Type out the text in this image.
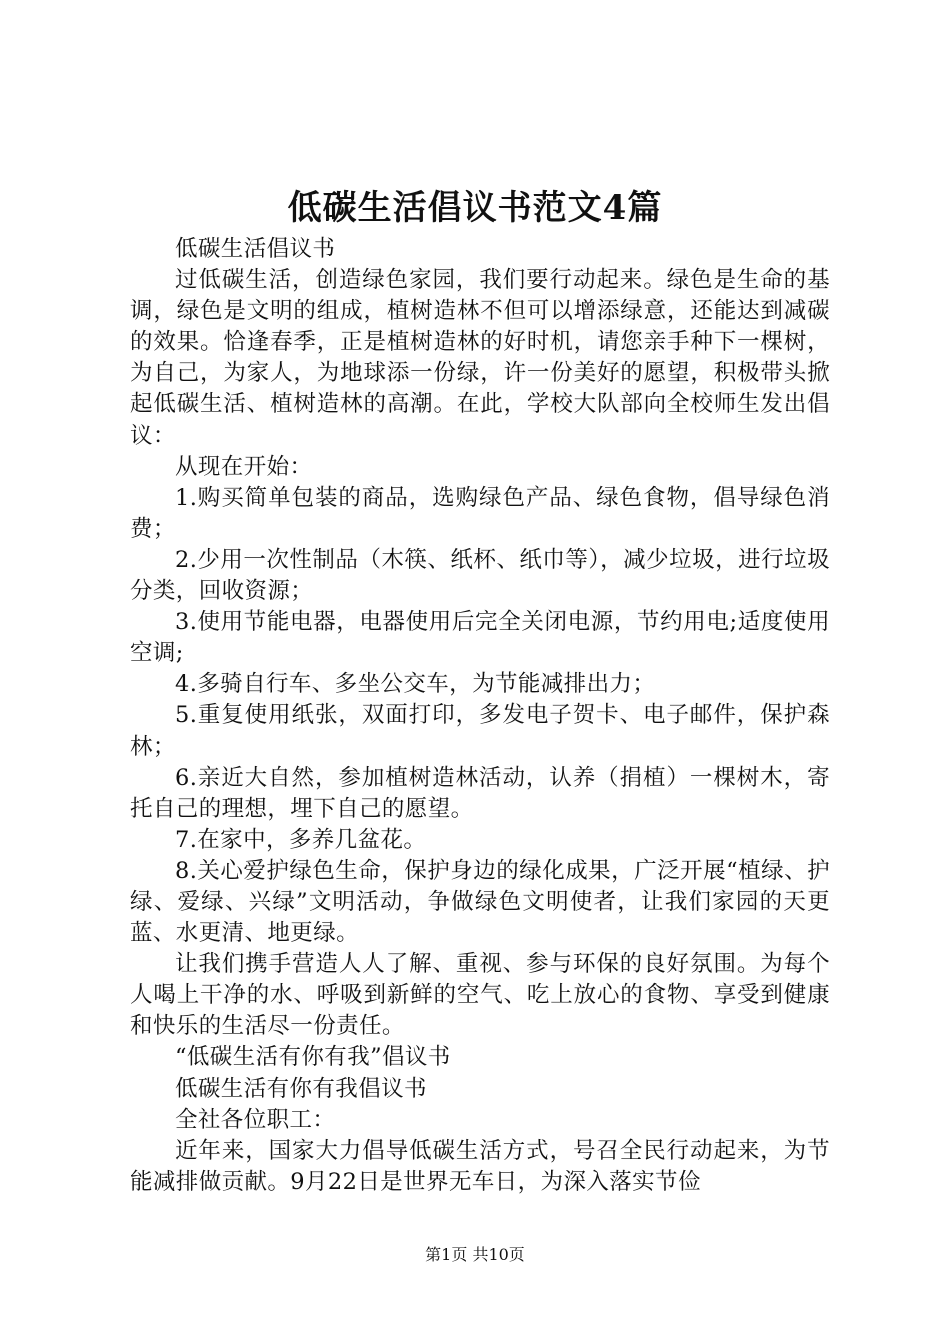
低碳生活倡议书范文4篇

低碳生活倡议书

过低碳生活，创造绿色家园，我们要行动起来。绿色是生命的基调，绿色是文明的组成，植树造林不但可以增添绿意，还能达到减碳的效果。恰逢春季，正是植树造林的好时机，请您亲手种下一棵树，为自己，为家人，为地球添一份绿，许一份美好的愿望，积极带头掀起低碳生活、植树造林的高潮。在此，学校大队部向全校师生发出倡议：

从现在开始：

1.购买简单包装的商品，选购绿色产品、绿色食物，倡导绿色消费；

2.少用一次性制品（木筷、纸杯、纸巾等），减少垃圾，进行垃圾分类，回收资源；

3.使用节能电器，电器使用后完全关闭电源，节约用电;适度使用空调;

4.多骑自行车、多坐公交车，为节能减排出力；

5.重复使用纸张，双面打印，多发电子贺卡、电子邮件，保护森林；

6.亲近大自然，参加植树造林活动，认养（捐植）一棵树木，寄托自己的理想，埋下自己的愿望。

7.在家中，多养几盆花。

8.关心爱护绿色生命，保护身边的绿化成果，广泛开展“植绿、护绿、爱绿、兴绿”文明活动，争做绿色文明使者，让我们家园的天更蓝、水更清、地更绿。

让我们携手营造人人了解、重视、参与环保的良好氛围。为每个人喝上干净的水、呼吸到新鲜的空气、吃上放心的食物、享受到健康和快乐的生活尽一份责任。

“低碳生活有你有我”倡议书

低碳生活有你有我倡议书

全社各位职工：

近年来，国家大力倡导低碳生活方式，号召全民行动起来，为节能减排做贡献。9月22日是世界无车日，为深入落实节俭

第1页 共10页
